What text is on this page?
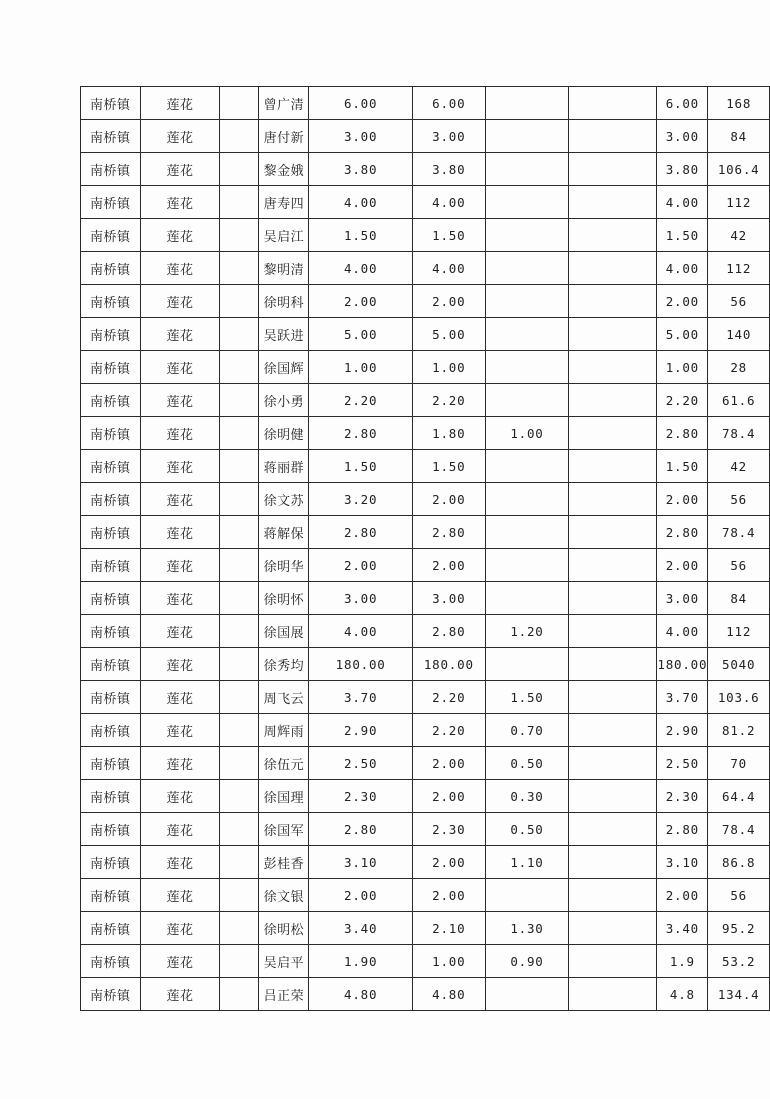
南桥镇	莲花		曾广清	6.00	6.00			6.00	168
南桥镇	莲花		唐付新	3.00	3.00			3.00	84
南桥镇	莲花		黎金娥	3.80	3.80			3.80	106.4
南桥镇	莲花		唐寿四	4.00	4.00			4.00	112
南桥镇	莲花		吴启江	1.50	1.50			1.50	42
南桥镇	莲花		黎明清	4.00	4.00			4.00	112
南桥镇	莲花		徐明科	2.00	2.00			2.00	56
南桥镇	莲花		吴跃进	5.00	5.00			5.00	140
南桥镇	莲花		徐国辉	1.00	1.00			1.00	28
南桥镇	莲花		徐小勇	2.20	2.20			2.20	61.6
南桥镇	莲花		徐明健	2.80	1.80	1.00		2.80	78.4
南桥镇	莲花		蒋丽群	1.50	1.50			1.50	42
南桥镇	莲花		徐文苏	3.20	2.00			2.00	56
南桥镇	莲花		蒋解保	2.80	2.80			2.80	78.4
南桥镇	莲花		徐明华	2.00	2.00			2.00	56
南桥镇	莲花		徐明怀	3.00	3.00			3.00	84
南桥镇	莲花		徐国展	4.00	2.80	1.20		4.00	112
南桥镇	莲花		徐秀均	180.00	180.00			180.00	5040
南桥镇	莲花		周飞云	3.70	2.20	1.50		3.70	103.6
南桥镇	莲花		周辉雨	2.90	2.20	0.70		2.90	81.2
南桥镇	莲花		徐伍元	2.50	2.00	0.50		2.50	70
南桥镇	莲花		徐国理	2.30	2.00	0.30		2.30	64.4
南桥镇	莲花		徐国军	2.80	2.30	0.50		2.80	78.4
南桥镇	莲花		彭桂香	3.10	2.00	1.10		3.10	86.8
南桥镇	莲花		徐文银	2.00	2.00			2.00	56
南桥镇	莲花		徐明松	3.40	2.10	1.30		3.40	95.2
南桥镇	莲花		吴启平	1.90	1.00	0.90		1.9	53.2
南桥镇	莲花		吕正荣	4.80	4.80			4.8	134.4
